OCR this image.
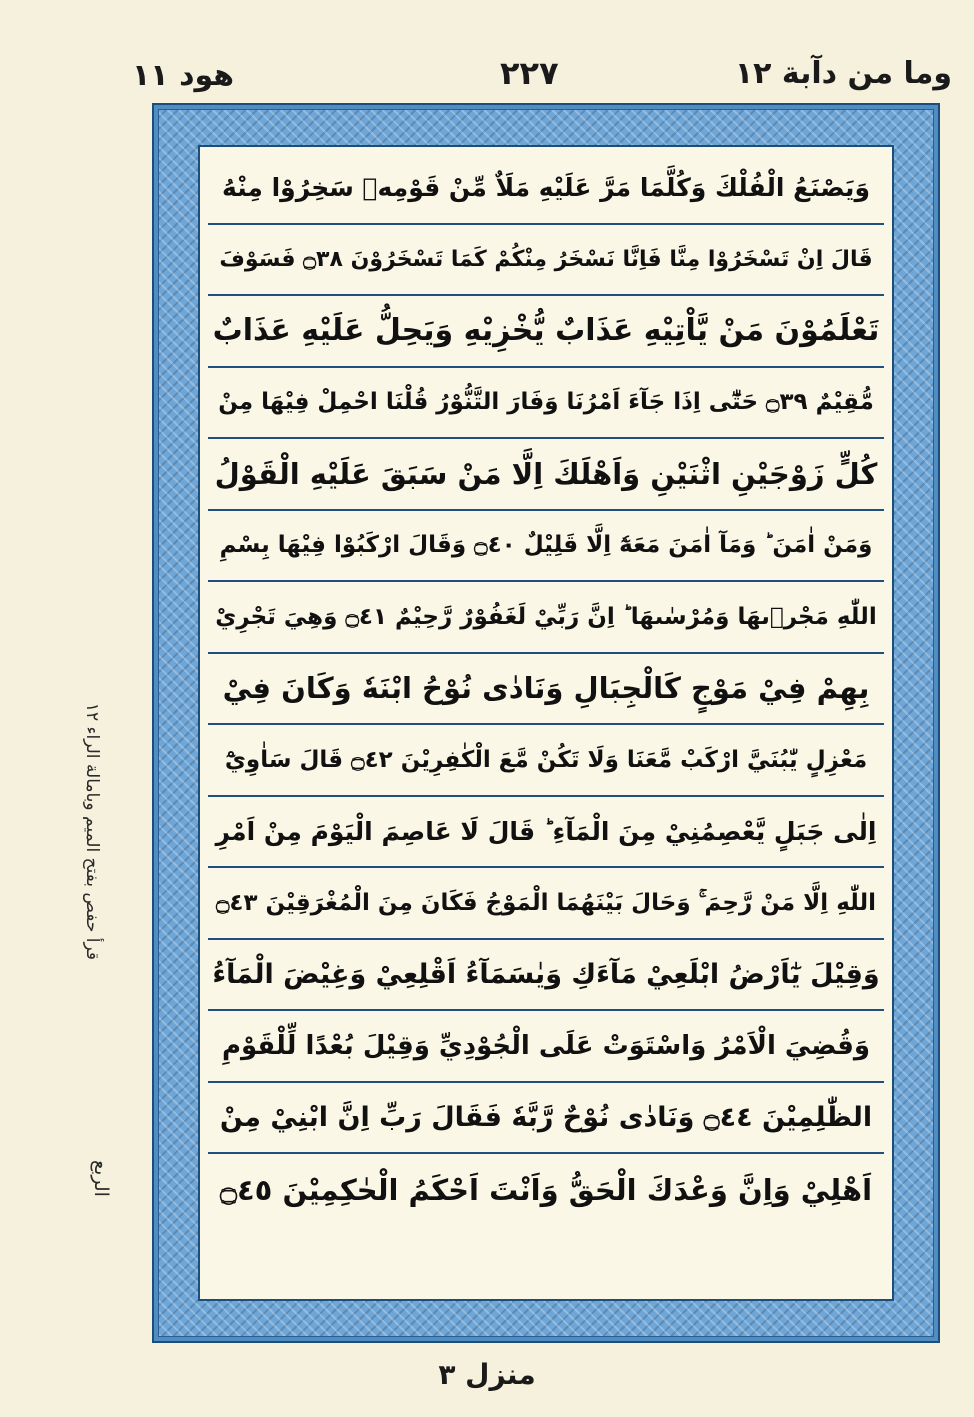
هود ١١	٢٢٧	وما من دآبة ١٢
قرأ حفص بفتح الميم وبامالة الراء ١٢
الربع
وَيَصْنَعُ الْفُلْكَ وَكُلَّمَا مَرَّ عَلَيْهِ مَلَاٌ مِّنْ قَوْمِهٖ سَخِرُوْا مِنْهُ
قَالَ اِنْ تَسْخَرُوْا مِنَّا فَاِنَّا نَسْخَرُ مِنْكُمْ كَمَا تَسْخَرُوْنَ ۝٣٨ فَسَوْفَ
تَعْلَمُوْنَ مَنْ يَّاْتِيْهِ عَذَابٌ يُّخْزِيْهِ وَيَحِلُّ عَلَيْهِ عَذَابٌ
مُّقِيْمٌ ۝٣٩ حَتّٰٓى اِذَا جَآءَ اَمْرُنَا وَفَارَ التَّنُّوْرُ قُلْنَا احْمِلْ فِيْهَا مِنْ
كُلٍّ زَوْجَيْنِ اثْنَيْنِ وَاَهْلَكَ اِلَّا مَنْ سَبَقَ عَلَيْهِ الْقَوْلُ
وَمَنْ اٰمَنَ ؕ وَمَآ اٰمَنَ مَعَهٗٓ اِلَّا قَلِيْلٌ ۝٤٠ وَقَالَ ارْكَبُوْا فِيْهَا بِسْمِ
اللّٰهِ مَجْرٖىهَا وَمُرْسٰىهَا ؕ اِنَّ رَبِّيْ لَغَفُوْرٌ رَّحِيْمٌ ۝٤١ وَهِيَ تَجْرِيْ
بِهِمْ فِيْ مَوْجٍ كَالْجِبَالِ وَنَادٰى نُوْحُ ابْنَهٗ وَكَانَ فِيْ
مَعْزِلٍ يّٰبُنَيَّ ارْكَبْ مَّعَنَا وَلَا تَكُنْ مَّعَ الْكٰفِرِيْنَ ۝٤٢ قَالَ سَاٰوِيْٓ
اِلٰى جَبَلٍ يَّعْصِمُنِيْ مِنَ الْمَآءِ ؕ قَالَ لَا عَاصِمَ الْيَوْمَ مِنْ اَمْرِ
اللّٰهِ اِلَّا مَنْ رَّحِمَ ۚ وَحَالَ بَيْنَهُمَا الْمَوْجُ فَكَانَ مِنَ الْمُغْرَقِيْنَ ۝٤٣
وَقِيْلَ يٰٓاَرْضُ ابْلَعِيْ مَآءَكِ وَيٰسَمَآءُ اَقْلِعِيْ وَغِيْضَ الْمَآءُ
وَقُضِيَ الْاَمْرُ وَاسْتَوَتْ عَلَى الْجُوْدِيِّ وَقِيْلَ بُعْدًا لِّلْقَوْمِ
الظّٰلِمِيْنَ ۝٤٤ وَنَادٰى نُوْحٌ رَّبَّهٗ فَقَالَ رَبِّ اِنَّ ابْنِيْ مِنْ
اَهْلِيْ وَاِنَّ وَعْدَكَ الْحَقُّ وَاَنْتَ اَحْكَمُ الْحٰكِمِيْنَ ۝٤٥
منزل ٣
